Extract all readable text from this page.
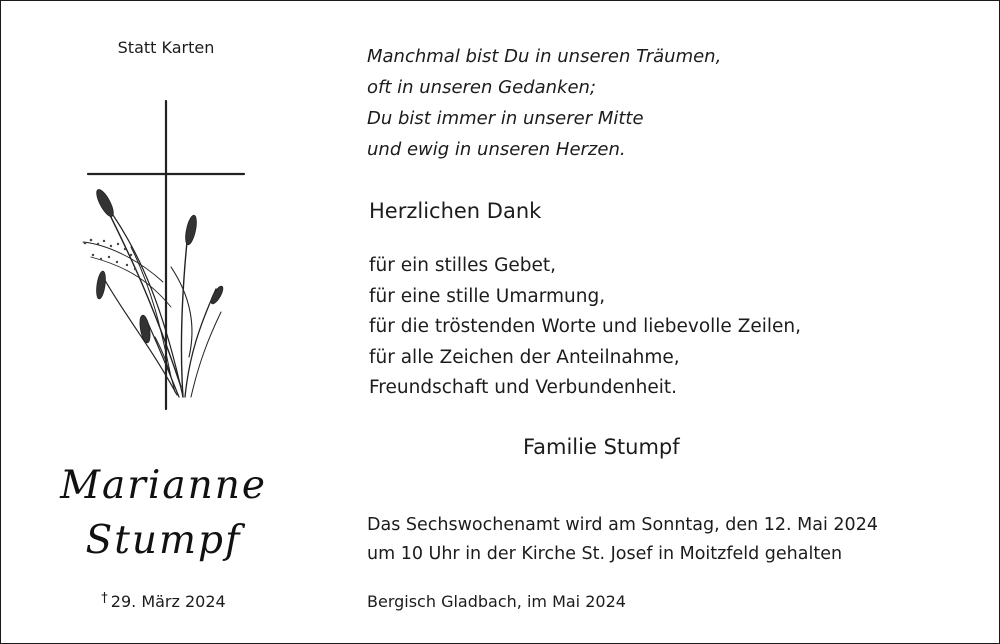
Statt Karten
Marianne
Stumpf
† 29. März 2024
Manchmal bist Du in unseren Träumen,
oft in unseren Gedanken;
Du bist immer in unserer Mitte
und ewig in unseren Herzen.
Herzlichen Dank
für ein stilles Gebet,
für eine stille Umarmung,
für die tröstenden Worte und liebevolle Zeilen,
für alle Zeichen der Anteilnahme,
Freundschaft und Verbundenheit.
Familie Stumpf
Das Sechswochenamt wird am Sonntag, den 12. Mai 2024
um 10 Uhr in der Kirche St. Josef in Moitzfeld gehalten
Bergisch Gladbach, im Mai 2024
